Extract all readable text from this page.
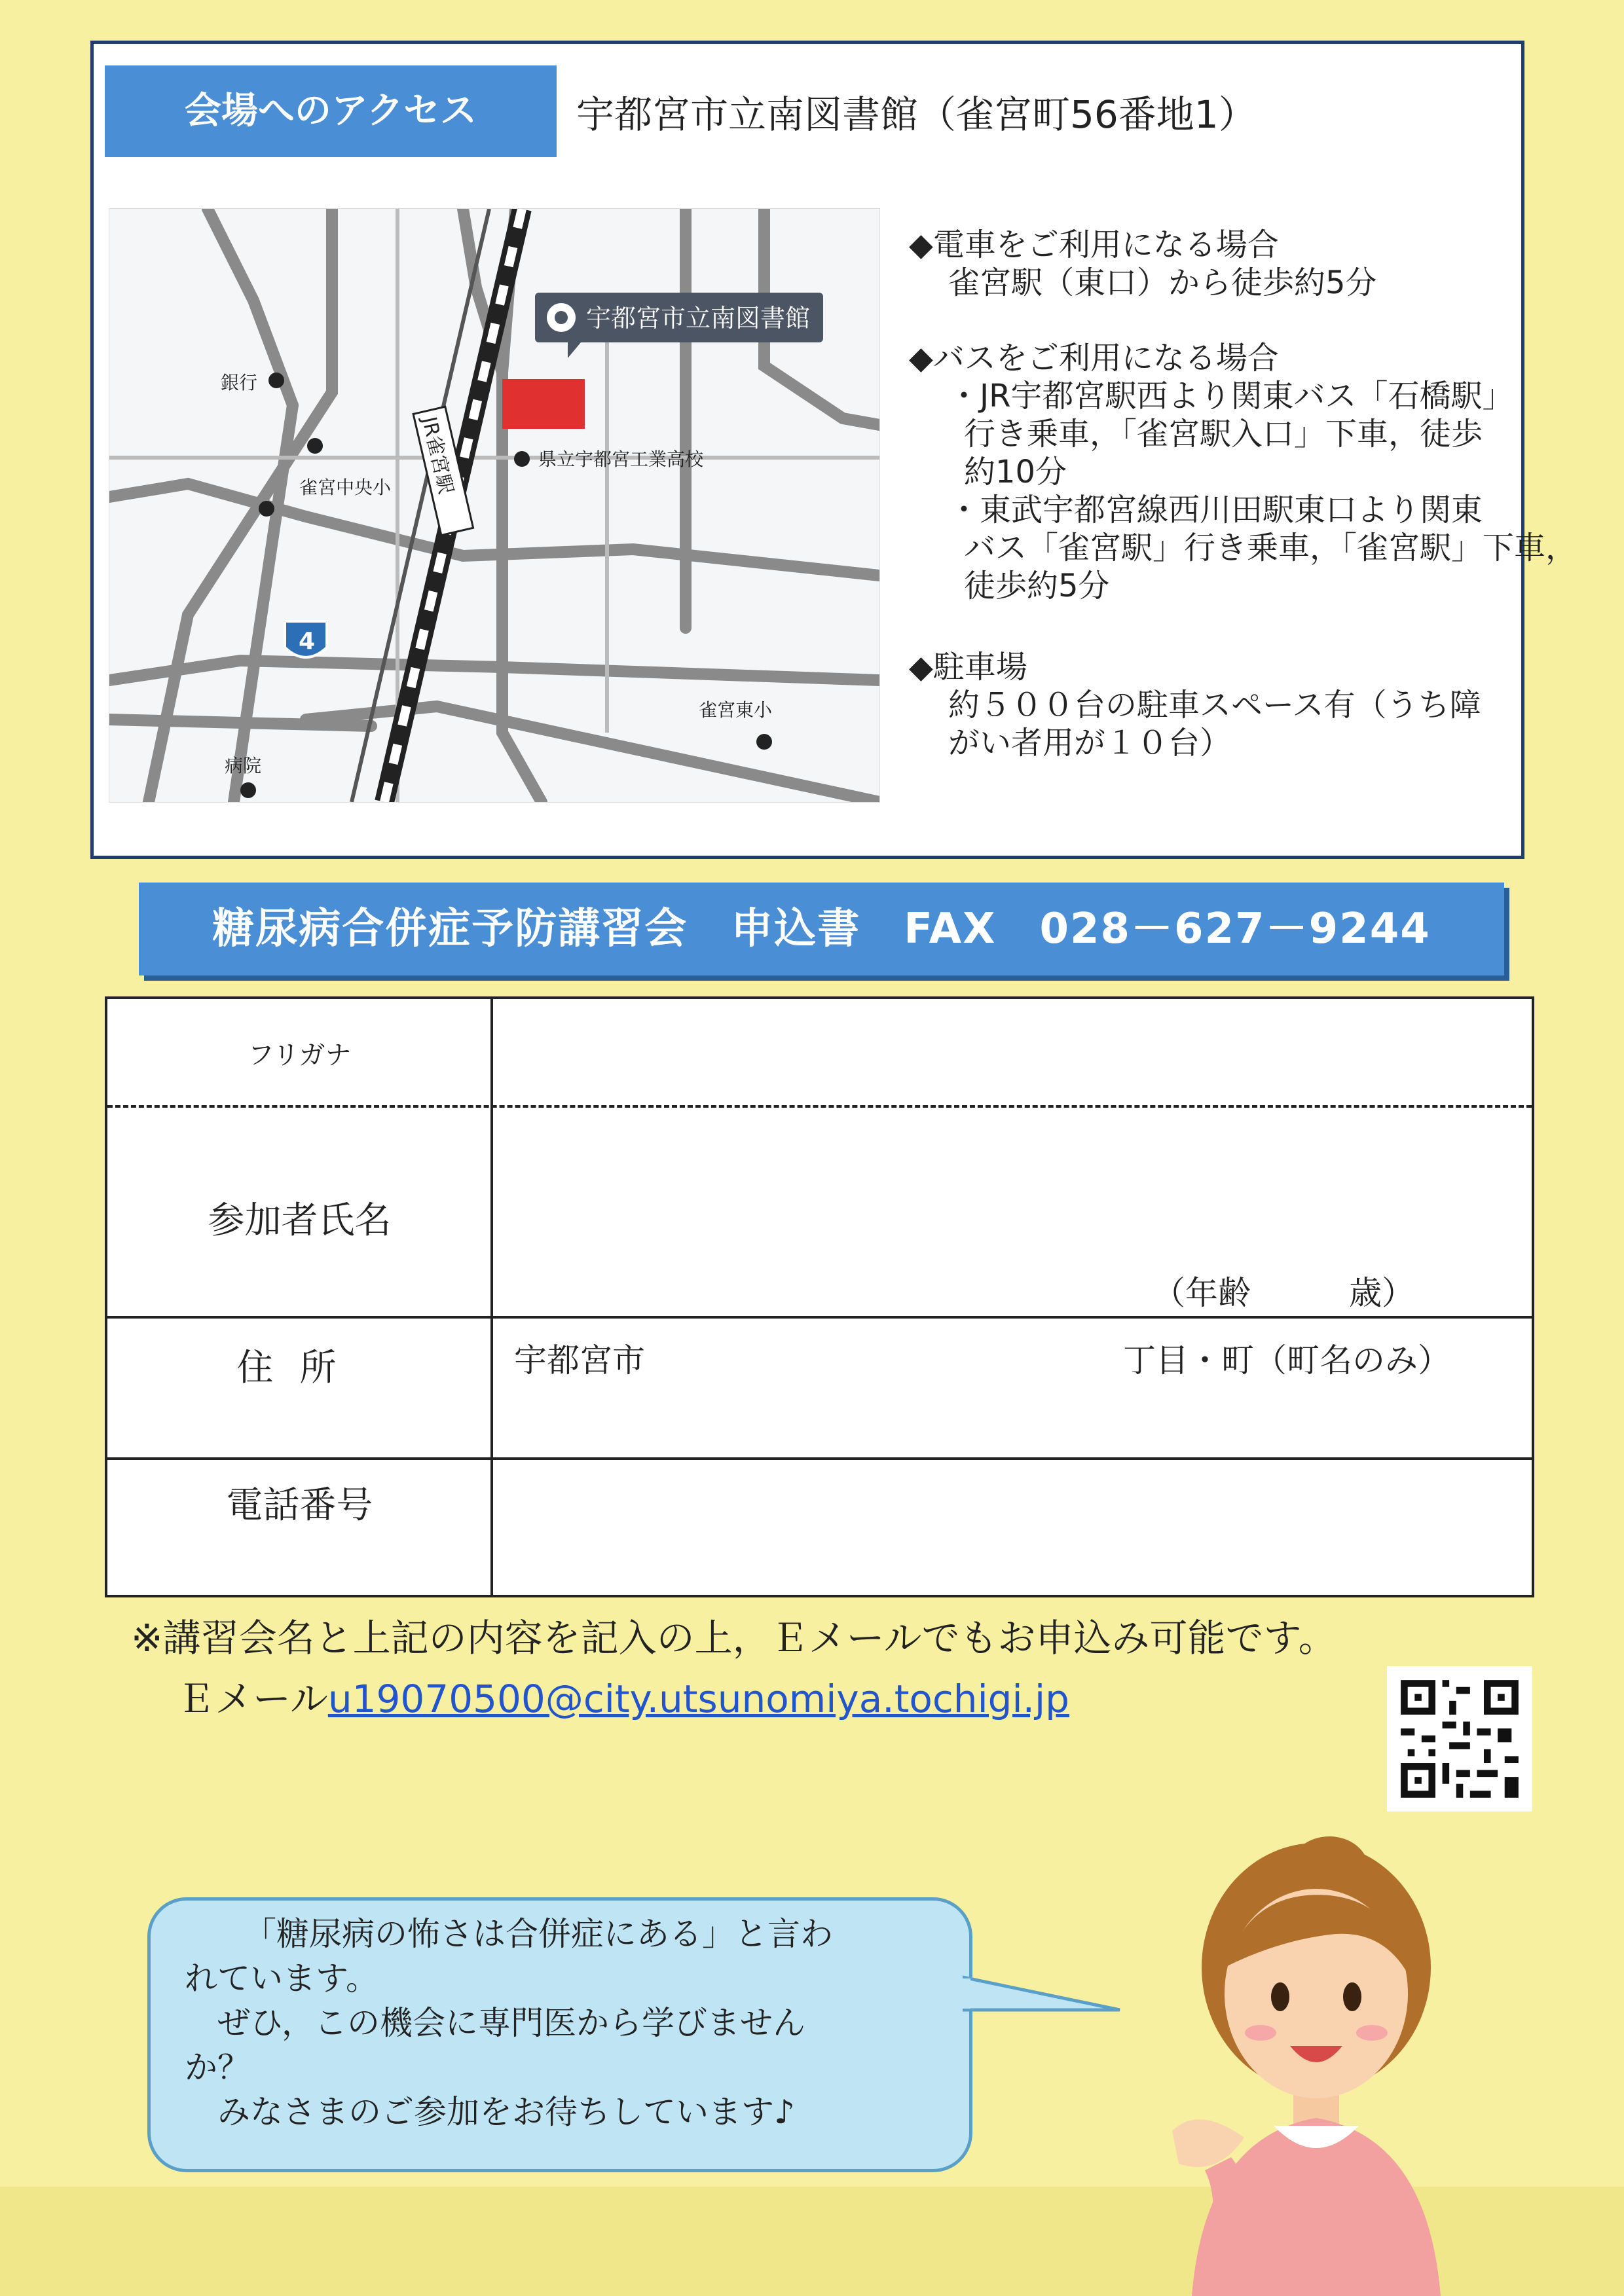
会場へのアクセス	宇都宮市立南図書館（雀宮町56番地1）
宇都宮市立南図書館
銀行
雀宮中央小
県立宇都宮工業高校
雀宮東小
病院
JR雀宮駅
4
◆電車をご利用になる場合
雀宮駅（東口）から徒歩約5分
◆バスをご利用になる場合
・JR宇都宮駅西より関東バス「石橋駅」
行き乗車，「雀宮駅入口」下車，徒歩
約10分
・東武宇都宮線西川田駅東口より関東
バス「雀宮駅」行き乗車，「雀宮駅」下車，
徒歩約5分
◆駐車場
約５００台の駐車スペース有（うち障
がい者用が１０台）
糖尿病合併症予防講習会　申込書　FAX　028－627－9244
フリガナ
参加者氏名
（年齢　　　歳）
住所	宇都宮市	丁目・町（町名のみ）
電話番号
※講習会名と上記の内容を記入の上，Ｅメールでもお申込み可能です。
Ｅメールu19070500@city.utsunomiya.tochigi.jp

「糖尿病の怖さは合併症にある」と言わ

れています。

ぜひ，この機会に専門医から学びません

か？

みなさまのご参加をお待ちしています♪
